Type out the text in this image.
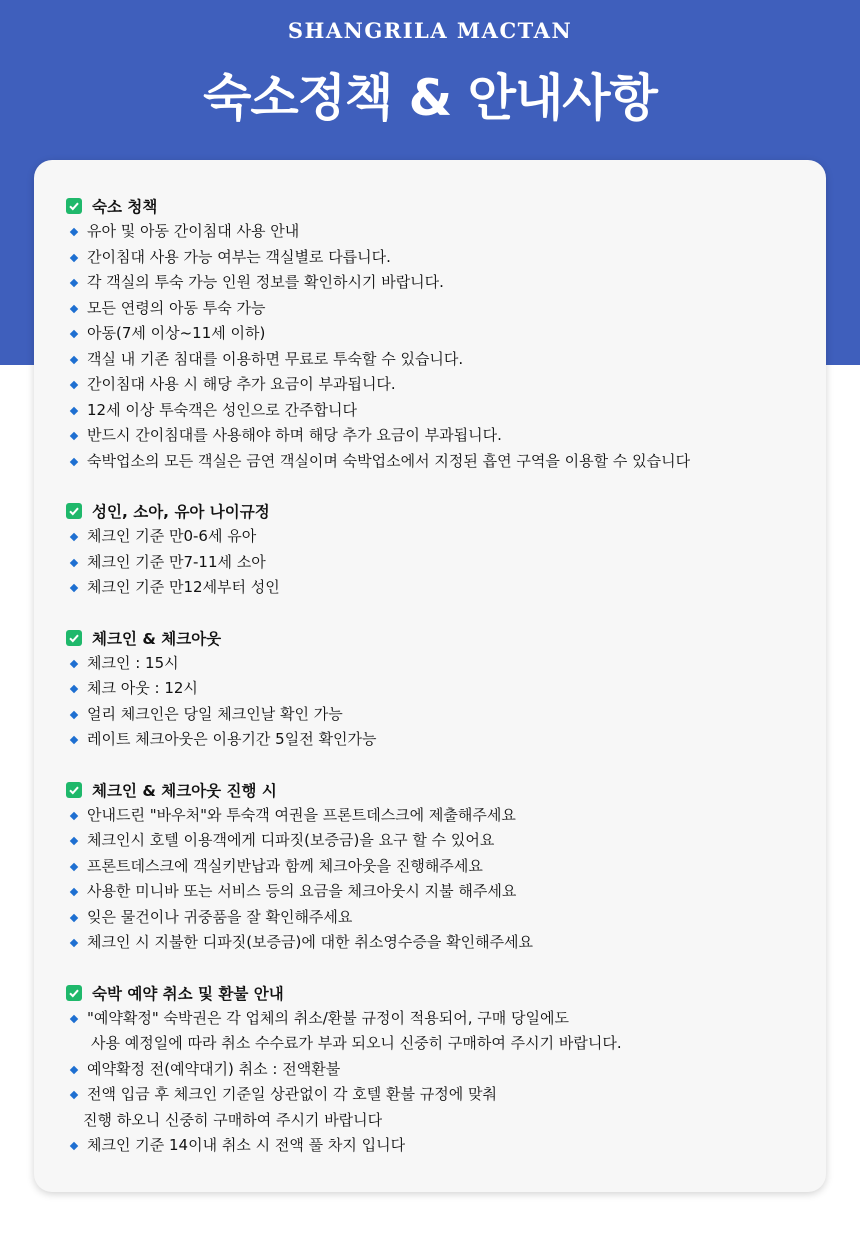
SHANGRILA MACTAN
숙소정책 & 안내사항
숙소 청책
유아 및 아동 간이침대 사용 안내
간이침대 사용 가능 여부는 객실별로 다릅니다.
각 객실의 투숙 가능 인원 정보를 확인하시기 바랍니다.
모든 연령의 아동 투숙 가능
아동(7세 이상~11세 이하)
객실 내 기존 침대를 이용하면 무료로 투숙할 수 있습니다.
간이침대 사용 시 해당 추가 요금이 부과됩니다.
12세 이상 투숙객은 성인으로 간주합니다
반드시 간이침대를 사용해야 하며 해당 추가 요금이 부과됩니다.
숙박업소의 모든 객실은 금연 객실이며 숙박업소에서 지정된 흡연 구역을 이용할 수 있습니다
성인, 소아, 유아 나이규정
체크인 기준 만0-6세 유아
체크인 기준 만7-11세 소아
체크인 기준 만12세부터 성인
체크인 & 체크아웃
체크인 : 15시
체크 아웃 : 12시
얼리 체크인은 당일 체크인날 확인 가능
레이트 체크아웃은 이용기간 5일전 확인가능
체크인 & 체크아웃 진행 시
안내드린 "바우처"와 투숙객 여권을 프론트데스크에 제출해주세요
체크인시 호텔 이용객에게 디파짓(보증금)을 요구 할 수 있어요
프론트데스크에 객실키반납과 함께 체크아웃을 진행해주세요
사용한 미니바 또는 서비스 등의 요금을 체크아웃시 지불 해주세요
잊은 물건이나 귀중품을 잘 확인해주세요
체크인 시 지불한 디파짓(보증금)에 대한 취소영수증을 확인해주세요
숙박 예약 취소 및 환불 안내
"예약확정" 숙박권은 각 업체의 취소/환불 규정이 적용되어, 구매 당일에도
사용 예정일에 따라 취소 수수료가 부과 되오니 신중히 구매하여 주시기 바랍니다.
예약확정 전(예약대기) 취소 : 전액환불
전액 입금 후 체크인 기준일 상관없이 각 호텔 환불 규정에 맞춰
진행 하오니 신중히 구매하여 주시기 바랍니다
체크인 기준 14이내 취소 시 전액 풀 차지 입니다
